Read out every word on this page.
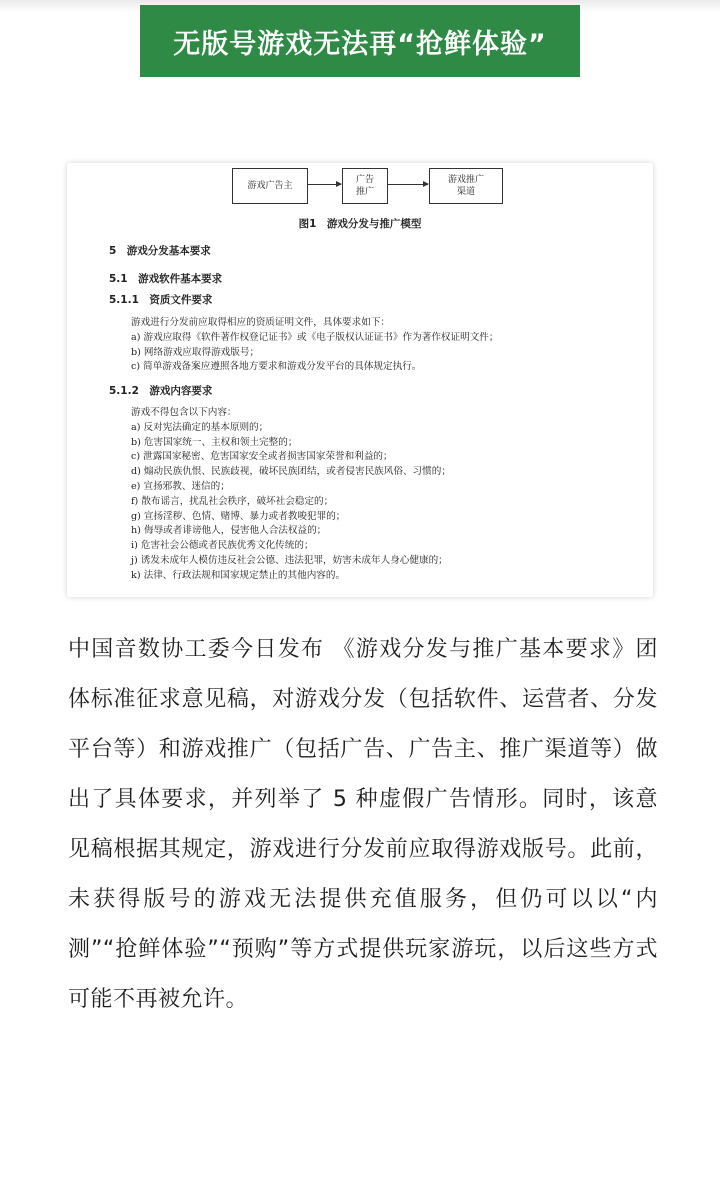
无版号游戏无法再“抢鲜体验”
游戏广告主
广告
推广
游戏推广
渠道
图1　游戏分发与推广模型
5　游戏分发基本要求
5.1　游戏软件基本要求
5.1.1　资质文件要求
游戏进行分发前应取得相应的资质证明文件，具体要求如下：
a) 游戏应取得《软件著作权登记证书》或《电子版权认证证书》作为著作权证明文件；
b) 网络游戏应取得游戏版号；
c) 简单游戏备案应遵照各地方要求和游戏分发平台的具体规定执行。
5.1.2　游戏内容要求
游戏不得包含以下内容：
a) 反对宪法确定的基本原则的；
b) 危害国家统一、主权和领土完整的；
c) 泄露国家秘密、危害国家安全或者损害国家荣誉和利益的；
d) 煽动民族仇恨、民族歧视，破坏民族团结，或者侵害民族风俗、习惯的；
e) 宣扬邪教、迷信的；
f) 散布谣言，扰乱社会秩序，破坏社会稳定的；
g) 宣扬淫秽、色情、赌博、暴力或者教唆犯罪的；
h) 侮辱或者诽谤他人，侵害他人合法权益的；
i) 危害社会公德或者民族优秀文化传统的；
j) 诱发未成年人模仿违反社会公德、违法犯罪，妨害未成年人身心健康的；
k) 法律、行政法规和国家规定禁止的其他内容的。
中国音数协工委今日发布 《游戏分发与推广基本要求》团体标准征求意见稿，对游戏分发（包括软件、运营者、分发平台等）和游戏推广（包括广告、广告主、推广渠道等）做出了具体要求，并列举了 5 种虚假广告情形。同时，该意见稿根据其规定，游戏进行分发前应取得游戏版号。此前，未获得版号的游戏无法提供充值服务，但仍可以以“内测”“抢鲜体验”“预购”等方式提供玩家游玩，以后这些方式可能不再被允许。
